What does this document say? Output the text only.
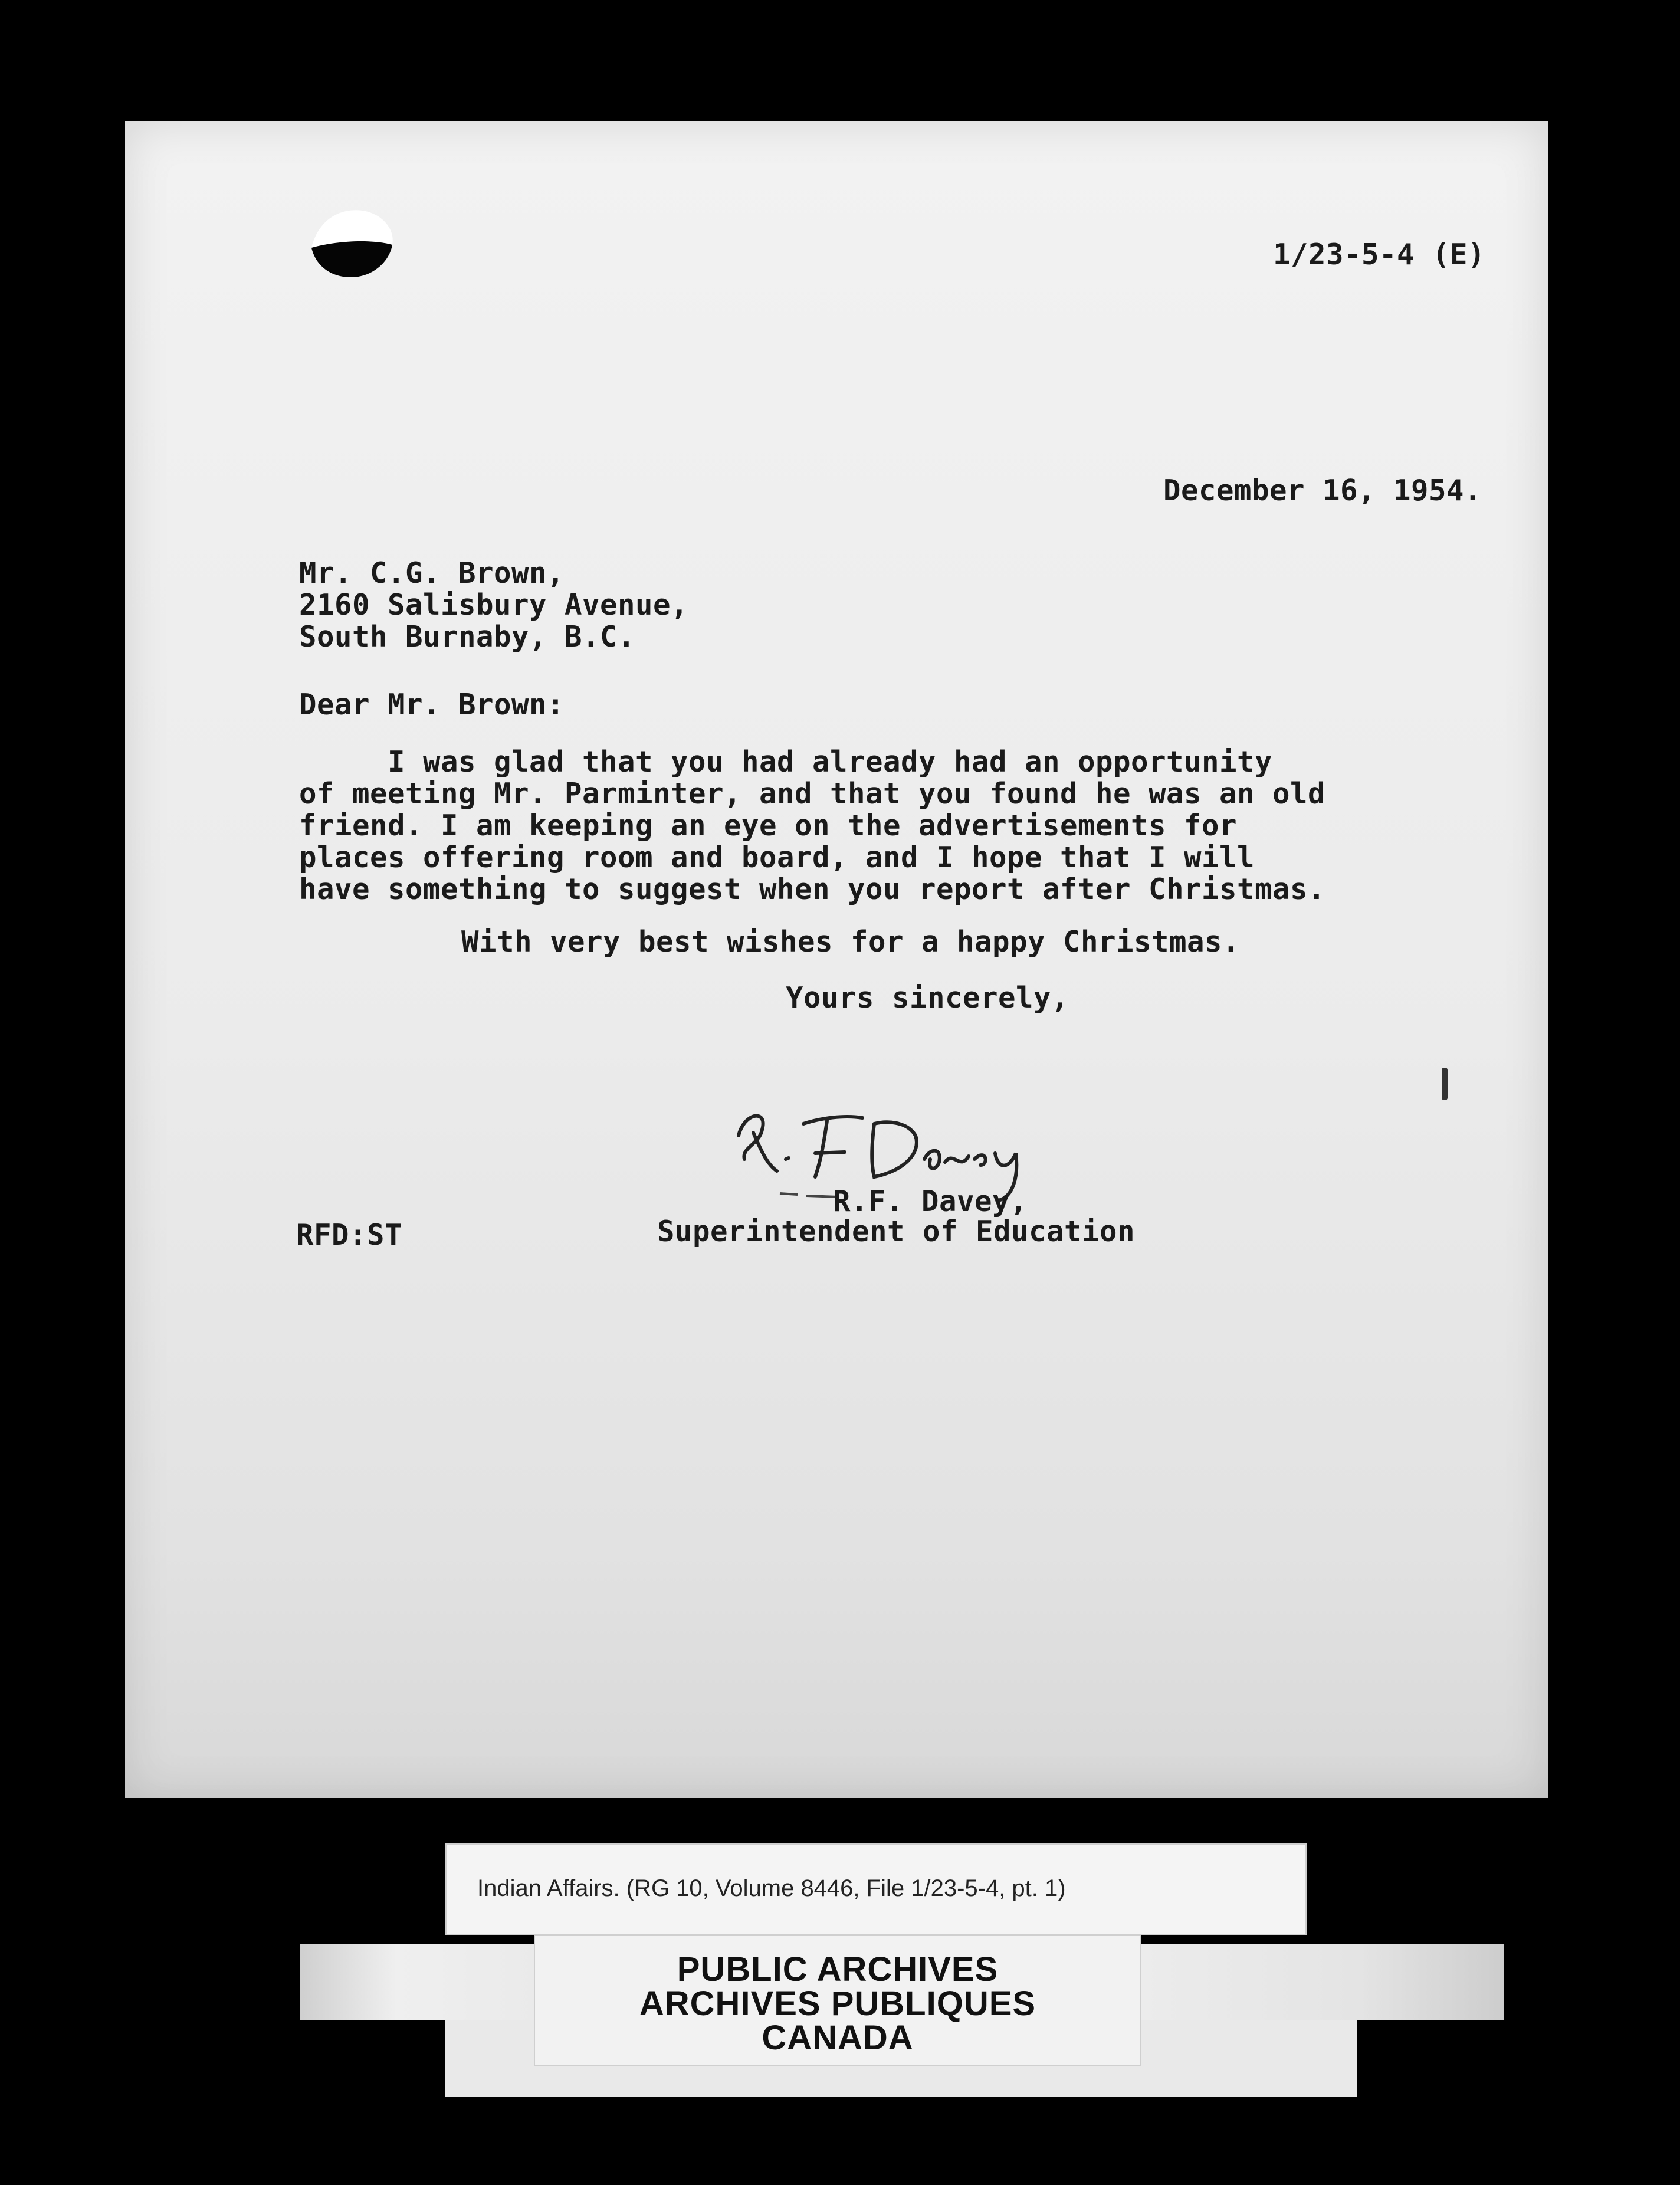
1/23-5-4 (E)
December 16, 1954.
Mr. C.G. Brown,
2160 Salisbury Avenue,
South Burnaby, B.C.
Dear Mr. Brown:
I was glad that you had already had an opportunity
of meeting Mr. Parminter, and that you found he was an old
friend. I am keeping an eye on the advertisements for
places offering room and board, and I hope that I will
have something to suggest when you report after Christmas.
With very best wishes for a happy Christmas.
Yours sincerely,
R.F. Davey,
Superintendent of Education
RFD:ST
Indian Affairs. (RG 10, Volume 8446, File 1/23-5-4, pt. 1)
PUBLIC ARCHIVES
ARCHIVES PUBLIQUES
CANADA
